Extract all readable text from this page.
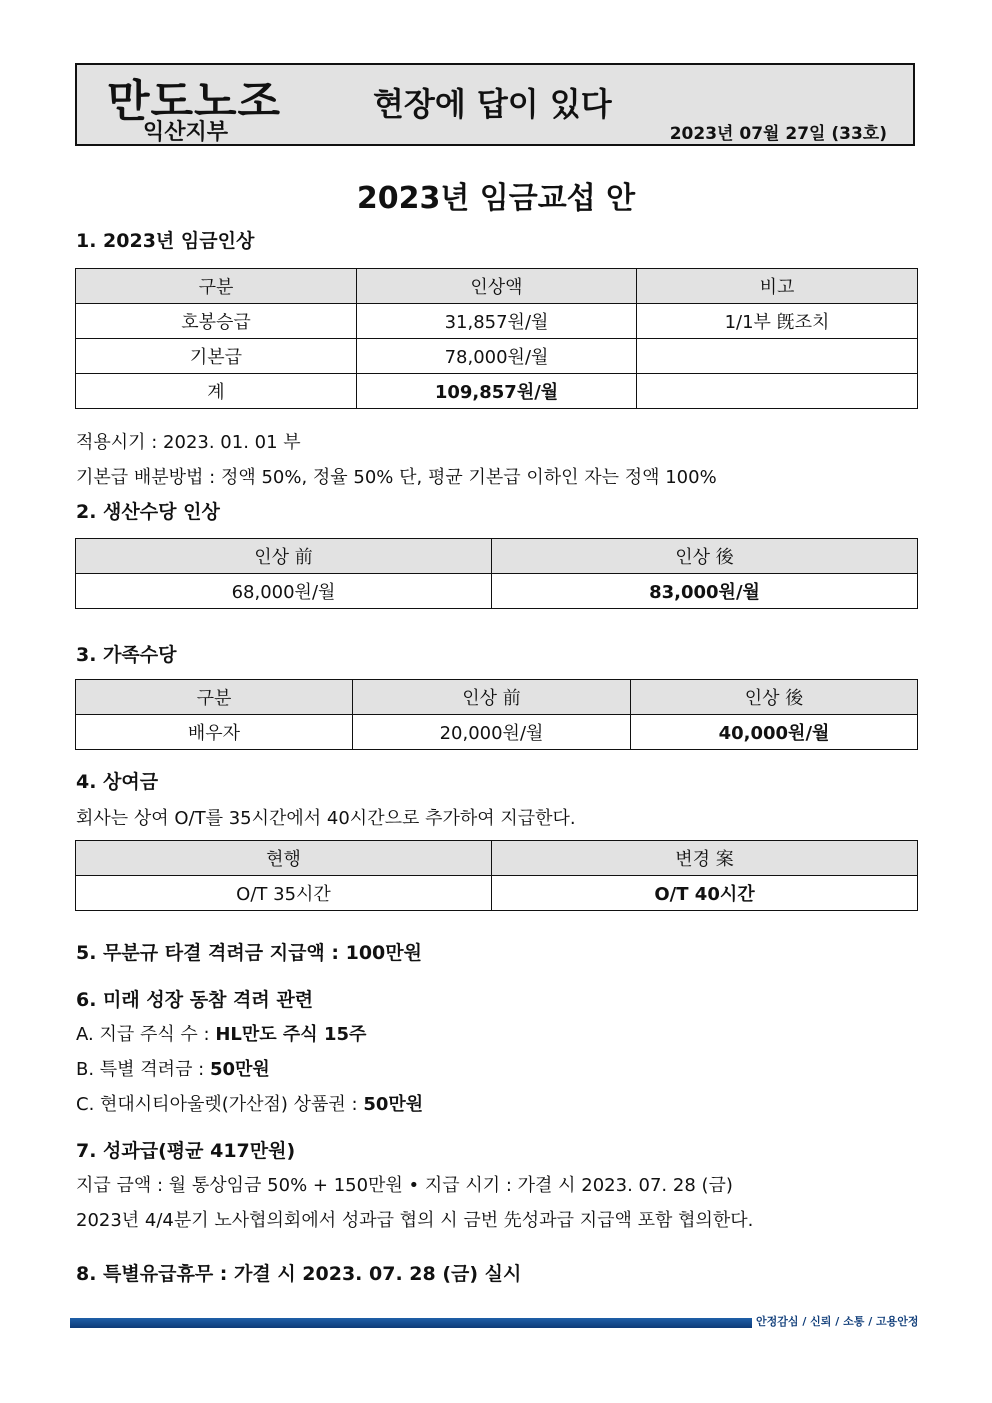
만도노조
익산지부
현장에 답이 있다
2023년 07월 27일 (33호)
2023년 임금교섭 안
1. 2023년 임금인상
구분	인상액	비고
호봉승급	31,857원/월	1/1부 旣조치
기본급	78,000원/월	
계	109,857원/월	
적용시기 : 2023. 01. 01 부
기본급 배분방법 : 정액 50%, 정율 50% 단, 평균 기본급 이하인 자는 정액 100%
2. 생산수당 인상
인상 前	인상 後
68,000원/월	83,000원/월
3. 가족수당
구분	인상 前	인상 後
배우자	20,000원/월	40,000원/월
4. 상여금
회사는 상여 O/T를 35시간에서 40시간으로 추가하여 지급한다.
현행	변경 案
O/T 35시간	O/T 40시간
5. 무분규 타결 격려금 지급액 : 100만원
6. 미래 성장 동참 격려 관련
A. 지급 주식 수 : HL만도 주식 15주
B. 특별 격려금 : 50만원
C. 현대시티아울렛(가산점) 상품권 : 50만원
7. 성과급(평균 417만원)
지급 금액 : 월 통상임금 50% + 150만원 • 지급 시기 : 가결 시 2023. 07. 28 (금)
2023년 4/4분기 노사협의회에서 성과급 협의 시 금번 先성과급 지급액 포함 협의한다.
8. 특별유급휴무 : 가결 시 2023. 07. 28 (금) 실시
안정감심 / 신뢰 / 소통 / 고용안정
